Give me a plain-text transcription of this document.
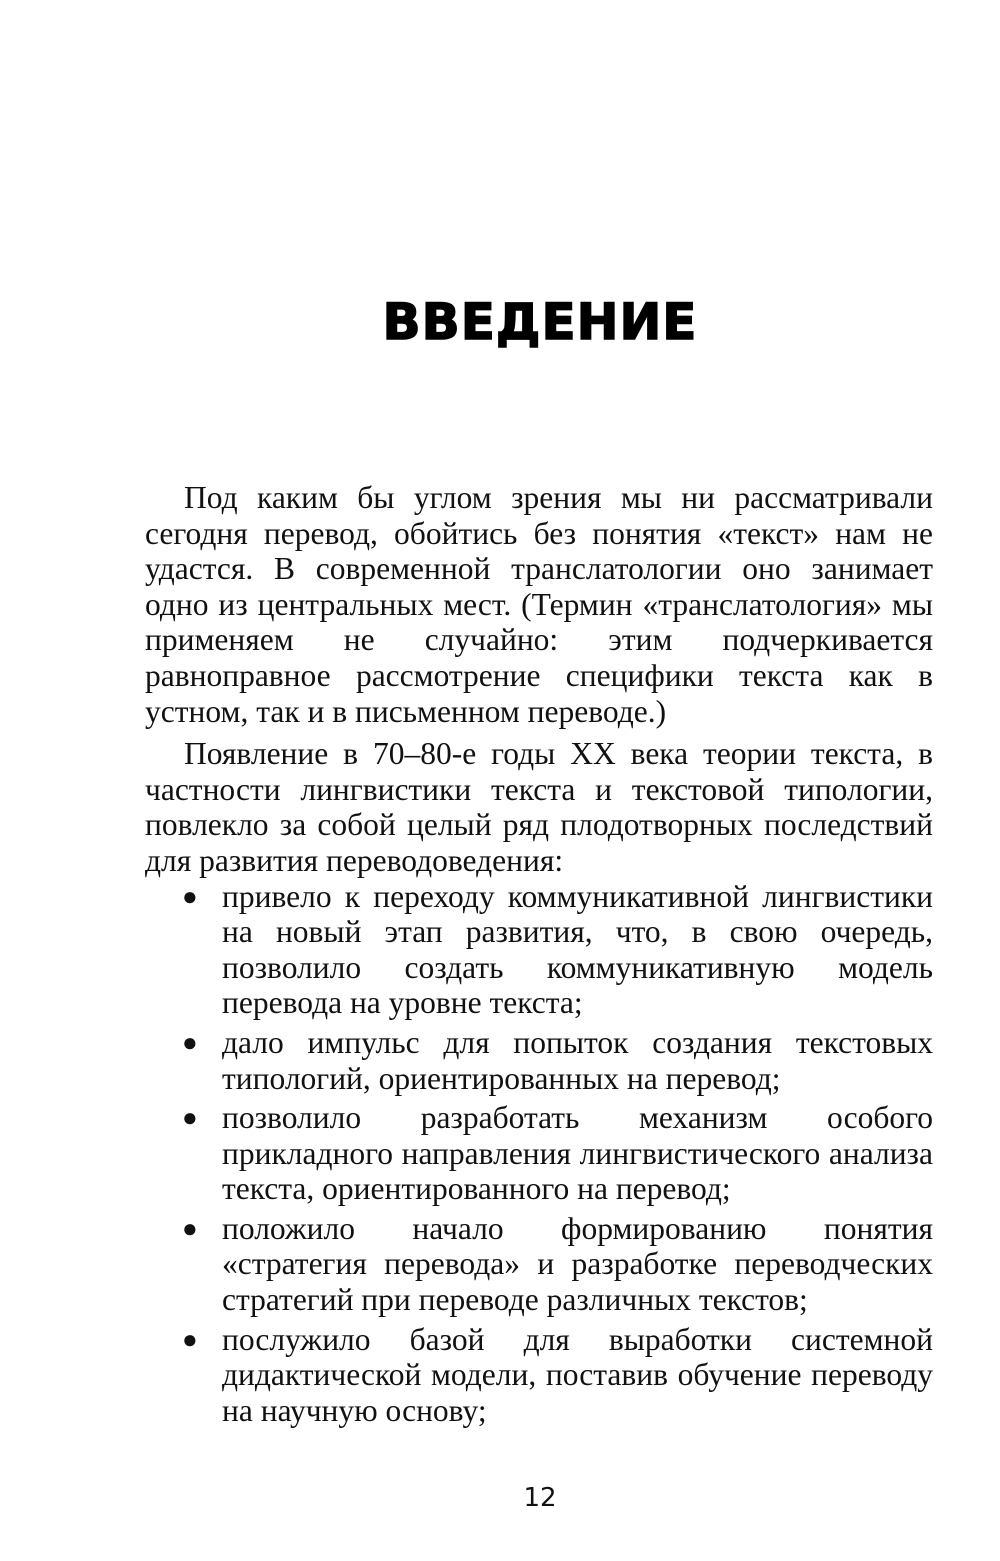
ВВЕДЕНИЕ

Под каким бы углом зрения мы ни рассматривали сегодня перевод, обойтись без понятия «текст» нам не удастся. В современной транслатологии оно занимает одно из центральных мест. (Термин «транслатология» мы применяем не случайно: этим подчеркивается равноправное рассмотрение специфики текста как в устном, так и в письменном переводе.)

Появление в 70–80-е годы XX века теории текста, в частности лингвистики текста и текстовой типологии, повлекло за собой целый ряд плодотворных последствий для развития переводоведения:

● привело к переходу коммуникативной лингвистики на новый этап развития, что, в свою очередь, позволило создать коммуникативную модель перевода на уровне текста;
● дало импульс для попыток создания текстовых типологий, ориентированных на перевод;
● позволило разработать механизм особого прикладного направления лингвистического анализа текста, ориентированного на перевод;
● положило начало формированию понятия «стратегия перевода» и разработке переводческих стратегий при переводе различных текстов;
● послужило базой для выработки системной дидактической модели, поставив обучение переводу на научную основу;
12
